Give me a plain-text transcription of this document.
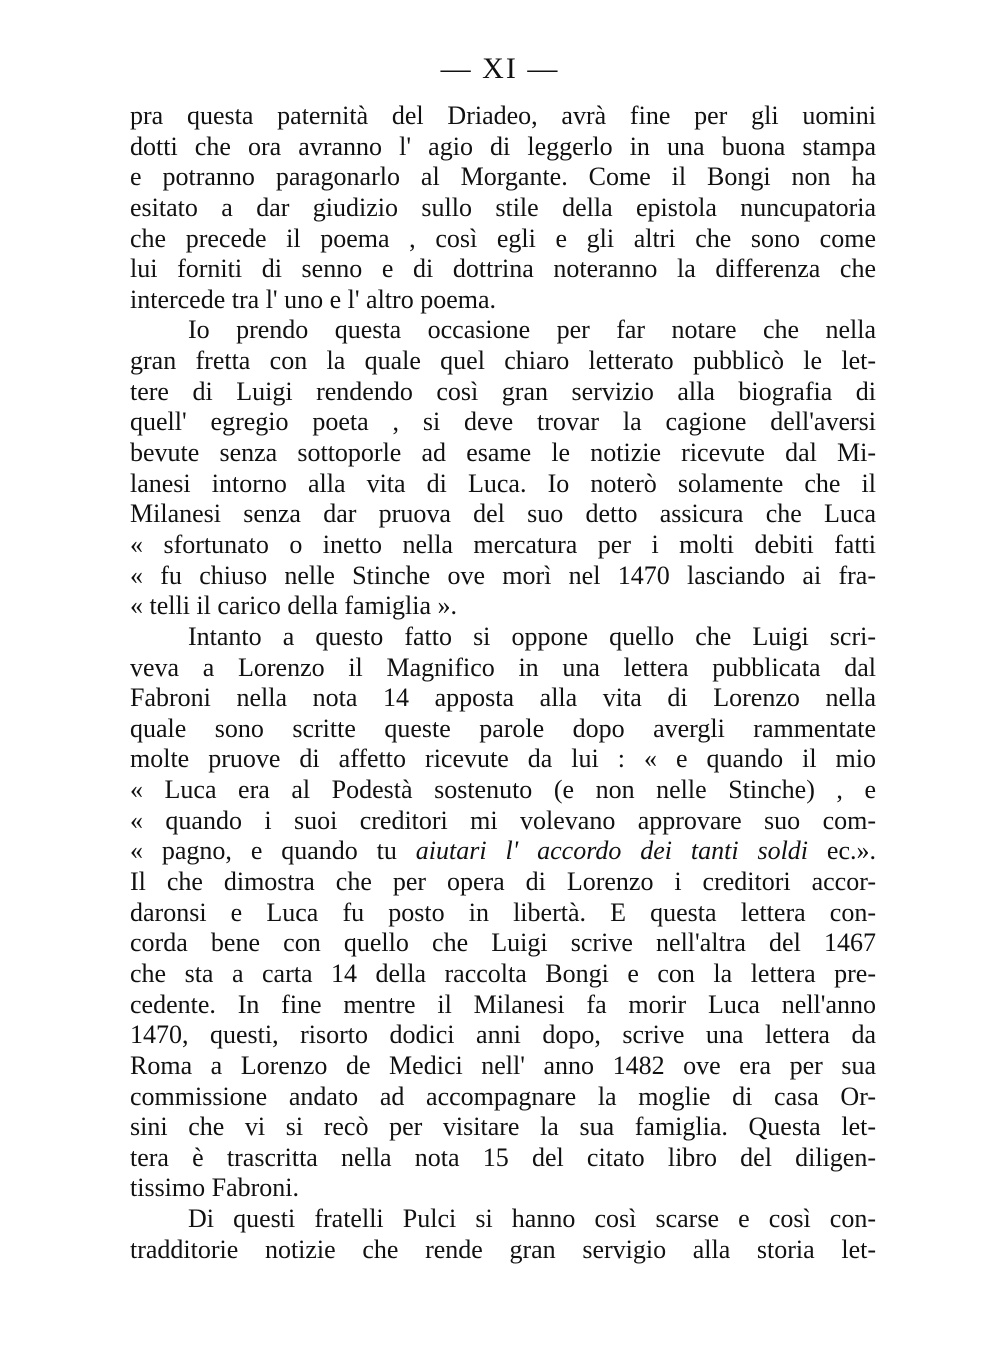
— XI —
pra questa paternità del Driadeo, avrà fine per gli uomini
dotti che ora avranno l' agio di leggerlo in una buona stampa
e potranno paragonarlo al Morgante. Come il Bongi non ha
esitato a dar giudizio sullo stile della epistola nuncupatoria
che precede il poema , così egli e gli altri che sono come
lui forniti di senno e di dottrina noteranno la differenza che
intercede tra l' uno e l' altro poema.
Io prendo questa occasione per far notare che nella
gran fretta con la quale quel chiaro letterato pubblicò le let-
tere di Luigi rendendo così gran servizio alla biografia di
quell' egregio poeta , si deve trovar la cagione dell'aversi
bevute senza sottoporle ad esame le notizie ricevute dal Mi-
lanesi intorno alla vita di Luca. Io noterò solamente che il
Milanesi senza dar pruova del suo detto assicura che Luca
« sfortunato o inetto nella mercatura per i molti debiti fatti
« fu chiuso nelle Stinche ove morì nel 1470 lasciando ai fra-
« telli il carico della famiglia ».
Intanto a questo fatto si oppone quello che Luigi scri-
veva a Lorenzo il Magnifico in una lettera pubblicata dal
Fabroni nella nota 14 apposta alla vita di Lorenzo nella
quale sono scritte queste parole dopo avergli rammentate
molte pruove di affetto ricevute da lui : « e quando il mio
« Luca era al Podestà sostenuto (e non nelle Stinche) , e
« quando i suoi creditori mi volevano approvare suo com-
« pagno, e quando tu aiutari l' accordo dei tanti soldi ec.».
Il che dimostra che per opera di Lorenzo i creditori accor-
daronsi e Luca fu posto in libertà. E questa lettera con-
corda bene con quello che Luigi scrive nell'altra del 1467
che sta a carta 14 della raccolta Bongi e con la lettera pre-
cedente. In fine mentre il Milanesi fa morir Luca nell'anno
1470, questi, risorto dodici anni dopo, scrive una lettera da
Roma a Lorenzo de Medici nell' anno 1482 ove era per sua
commissione andato ad accompagnare la moglie di casa Or-
sini che vi si recò per visitare la sua famiglia. Questa let-
tera è trascritta nella nota 15 del citato libro del diligen-
tissimo Fabroni.
Di questi fratelli Pulci si hanno così scarse e così con-
tradditorie notizie che rende gran servigio alla storia let-
